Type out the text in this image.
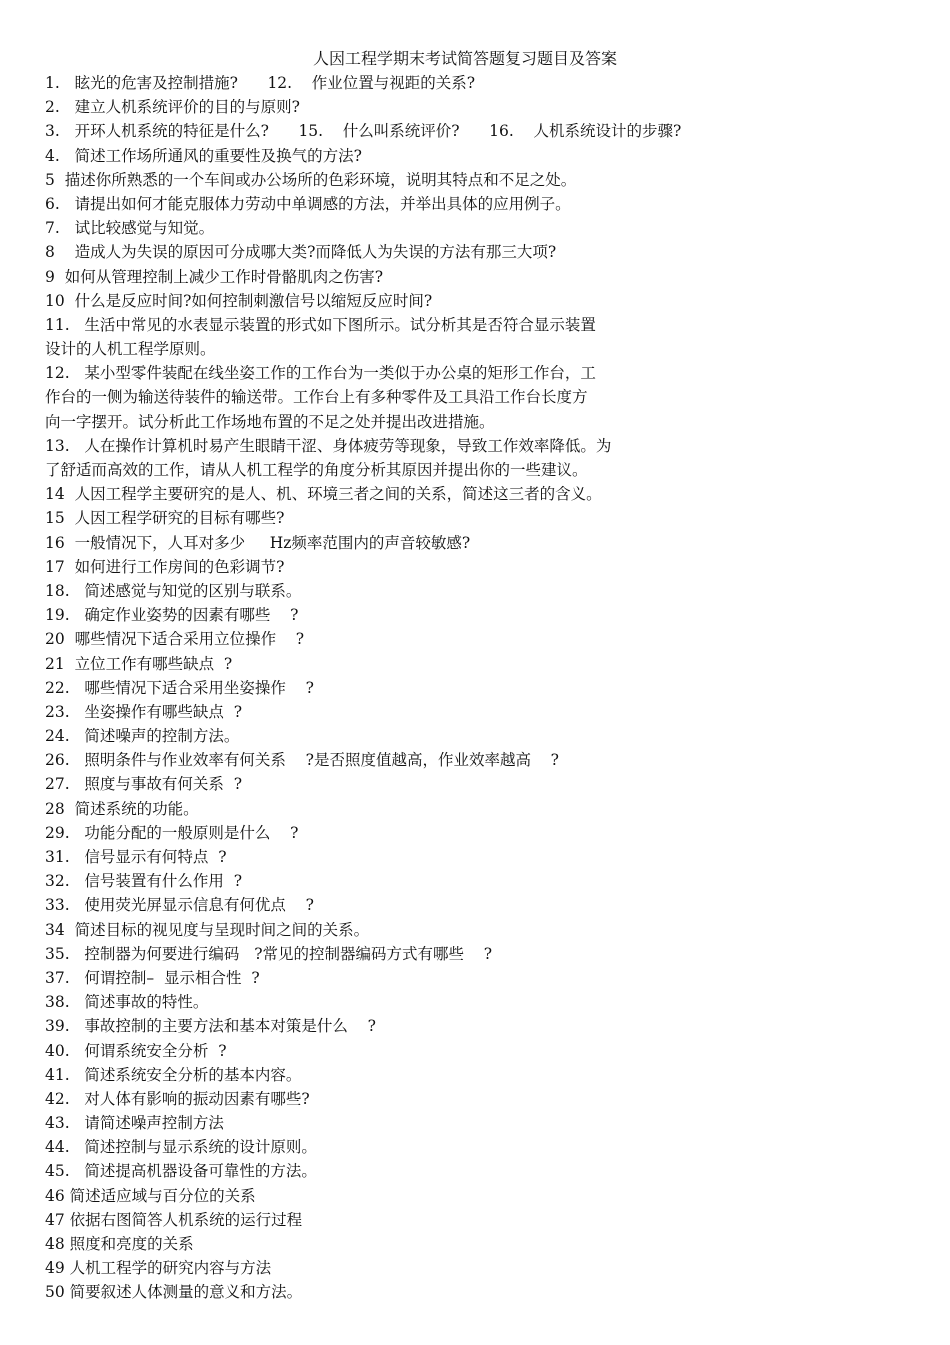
人因工程学期末考试简答题复习题目及答案
1.   眩光的危害及控制措施?      12.    作业位置与视距的关系?
2.   建立人机系统评价的目的与原则?
3.   开环人机系统的特征是什么?      15.    什么叫系统评价?      16.    人机系统设计的步骤?
4.   简述工作场所通风的重要性及换气的方法?
5  描述你所熟悉的一个车间或办公场所的色彩环境，说明其特点和不足之处。
6.   请提出如何才能克服体力劳动中单调感的方法，并举出具体的应用例子。
7.   试比较感觉与知觉。
8    造成人为失误的原因可分成哪大类?而降低人为失误的方法有那三大项?
9  如何从管理控制上减少工作时骨骼肌肉之伤害?
10  什么是反应时间?如何控制刺激信号以缩短反应时间?
11.   生活中常见的水表显示装置的形式如下图所示。试分析其是否符合显示装置
设计的人机工程学原则。
12.   某小型零件装配在线坐姿工作的工作台为一类似于办公桌的矩形工作台，工
作台的一侧为输送待装件的输送带。工作台上有多种零件及工具沿工作台长度方
向一字摆开。试分析此工作场地布置的不足之处并提出改进措施。
13.   人在操作计算机时易产生眼睛干涩、身体疲劳等现象，导致工作效率降低。为
了舒适而高效的工作，请从人机工程学的角度分析其原因并提出你的一些建议。
14  人因工程学主要研究的是人、机、环境三者之间的关系，简述这三者的含义。
15  人因工程学研究的目标有哪些?
16  一般情况下，人耳对多少     Hz频率范围内的声音较敏感?
17  如何进行工作房间的色彩调节?
18.   简述感觉与知觉的区别与联系。
19.   确定作业姿势的因素有哪些    ?
20  哪些情况下适合采用立位操作    ?
21  立位工作有哪些缺点  ?
22.   哪些情况下适合采用坐姿操作    ?
23.   坐姿操作有哪些缺点  ?
24.   简述噪声的控制方法。
26.   照明条件与作业效率有何关系    ?是否照度值越高，作业效率越高    ?
27.   照度与事故有何关系  ?
28  简述系统的功能。
29.   功能分配的一般原则是什么    ?
31.   信号显示有何特点  ?
32.   信号装置有什么作用  ?
33.   使用荧光屏显示信息有何优点    ?
34  简述目标的视见度与呈现时间之间的关系。
35.   控制器为何要进行编码   ?常见的控制器编码方式有哪些    ?
37.   何谓控制–  显示相合性  ?
38.   简述事故的特性。
39.   事故控制的主要方法和基本对策是什么    ?
40.   何谓系统安全分析  ?
41.   简述系统安全分析的基本内容。
42.   对人体有影响的振动因素有哪些?
43.   请简述噪声控制方法
44.   简述控制与显示系统的设计原则。
45.   简述提高机器设备可靠性的方法。
46 简述适应域与百分位的关系
47 依据右图简答人机系统的运行过程
48 照度和亮度的关系
49 人机工程学的研究内容与方法
50 简要叙述人体测量的意义和方法。
